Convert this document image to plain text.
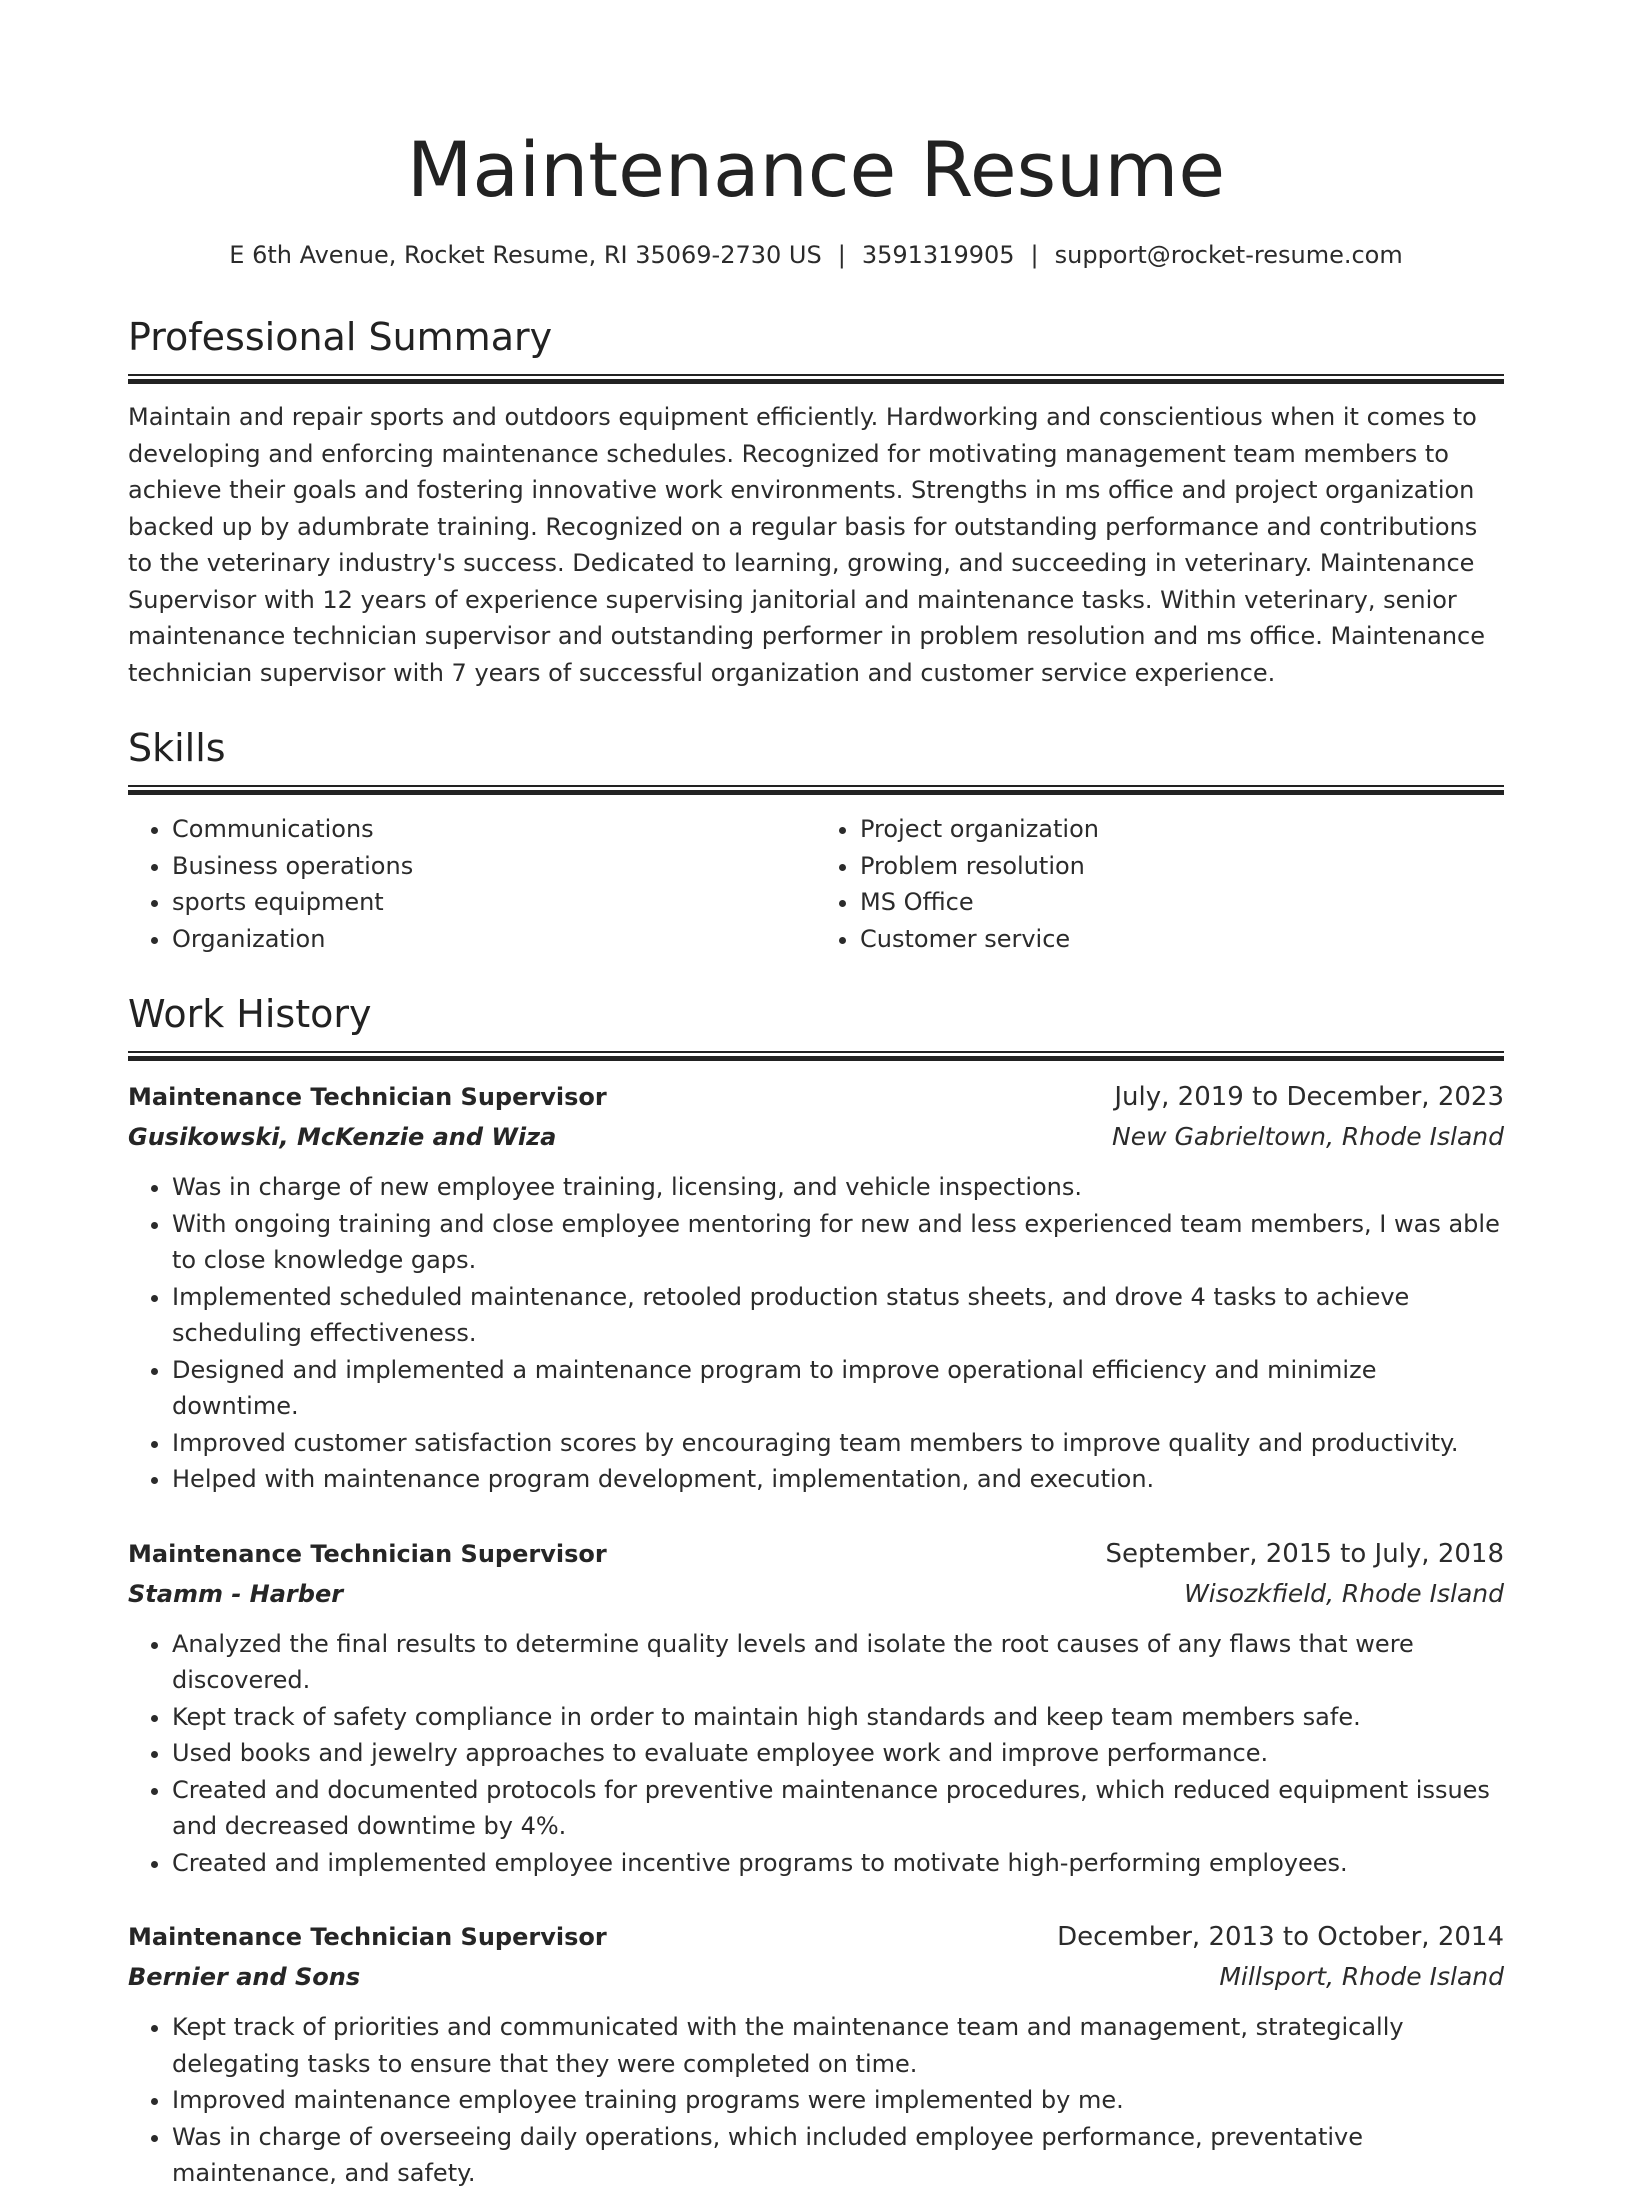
Maintenance Resume
E 6th Avenue, Rocket Resume, RI 35069-2730 US | 3591319905 | support@rocket-resume.com
Professional Summary

Maintain and repair sports and outdoors equipment efficiently. Hardworking and conscientious when it comes to developing and enforcing maintenance schedules. Recognized for motivating management team members to achieve their goals and fostering innovative work environments. Strengths in ms office and project organization backed up by adumbrate training. Recognized on a regular basis for outstanding performance and contributions to the veterinary industry's success. Dedicated to learning, growing, and succeeding in veterinary. Maintenance Supervisor with 12 years of experience supervising janitorial and maintenance tasks. Within veterinary, senior maintenance technician supervisor and outstanding performer in problem resolution and ms office. Maintenance technician supervisor with 7 years of successful organization and customer service experience.

Skills
• Communications
• Business operations
• sports equipment
• Organization
• Project organization
• Problem resolution
• MS Office
• Customer service
Work History
Maintenance Technician Supervisor	July, 2019 to December, 2023
Gusikowski, McKenzie and Wiza	New Gabrieltown, Rhode Island
• Was in charge of new employee training, licensing, and vehicle inspections.
• With ongoing training and close employee mentoring for new and less experienced team members, I was able to close knowledge gaps.
• Implemented scheduled maintenance, retooled production status sheets, and drove 4 tasks to achieve scheduling effectiveness.
• Designed and implemented a maintenance program to improve operational efficiency and minimize downtime.
• Improved customer satisfaction scores by encouraging team members to improve quality and productivity.
• Helped with maintenance program development, implementation, and execution.
Maintenance Technician Supervisor	September, 2015 to July, 2018
Stamm - Harber	Wisozkfield, Rhode Island
• Analyzed the final results to determine quality levels and isolate the root causes of any flaws that were discovered.
• Kept track of safety compliance in order to maintain high standards and keep team members safe.
• Used books and jewelry approaches to evaluate employee work and improve performance.
• Created and documented protocols for preventive maintenance procedures, which reduced equipment issues and decreased downtime by 4%.
• Created and implemented employee incentive programs to motivate high-performing employees.
Maintenance Technician Supervisor	December, 2013 to October, 2014
Bernier and Sons	Millsport, Rhode Island
• Kept track of priorities and communicated with the maintenance team and management, strategically delegating tasks to ensure that they were completed on time.
• Improved maintenance employee training programs were implemented by me.
• Was in charge of overseeing daily operations, which included employee performance, preventative maintenance, and safety.
